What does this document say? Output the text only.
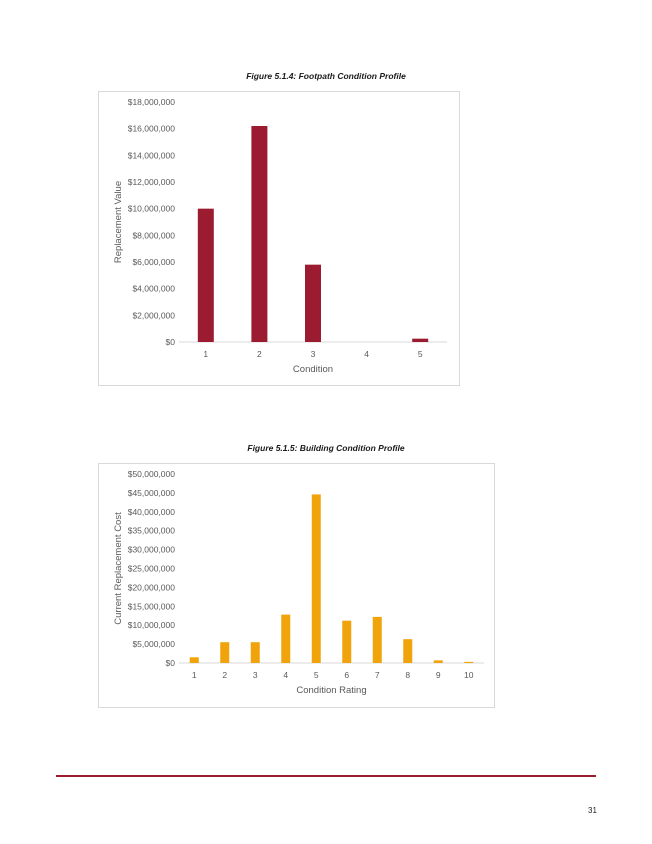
Figure 5.1.4: Footpath Condition Profile
$0
$2,000,000
$4,000,000
$6,000,000
$8,000,000
$10,000,000
$12,000,000
$14,000,000
$16,000,000
$18,000,000
1	2	3	4	5
Condition
Replacement Value
Figure 5.1.5: Building Condition Profile
$0
$5,000,000
$10,000,000
$15,000,000
$20,000,000
$25,000,000
$30,000,000
$35,000,000
$40,000,000
$45,000,000
$50,000,000
1	2	3	4	5	6	7	8	9	10
Condition Rating
Current Replacement Cost
31
